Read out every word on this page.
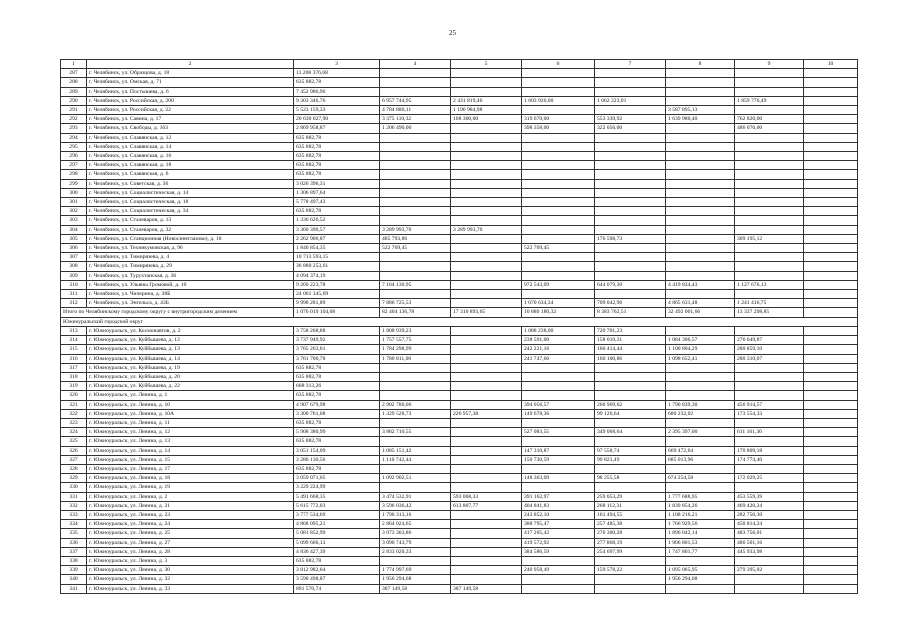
25
1	2	3	4	5	6	7	8	9	10
287	г. Челябинск, ул. Образцова, д. 18	11 208 376,68							
288	г. Челябинск, ул. Омская, д. 71	635 882,78							
289	г. Челябинск, ул. Постышева, д. 6	7 452 986,96							
290	г. Челябинск, ул. Российская, д. 200	9 303 346,76	6 957 744,95	2 431 819,46	1 603 926,00	1 062 223,01		1 859 776,49	
291	г. Челябинск, ул. Российская, д. 22	5 523 159,33	4 784 880,11	1 196 984,98			3 587 895,13		
292	г. Челябинск, ул. Савина, д. 17	20 630 027,90	3 375 110,32	108 300,00	319 670,00	553 339,92	1 639 980,40	762 820,00	
293	г. Челябинск, ул. Свободы, д. 163	2 869 958,87	1 206 490,00		398 358,00	322 056,00		486 076,00	
294	г. Челябинск, ул. Славянская, д. 12	635 882,78							
295	г. Челябинск, ул. Славянская, д. 14	635 882,78							
296	г. Челябинск, ул. Славянская, д. 16	635 882,78							
297	г. Челябинск, ул. Славянская, д. 18	635 882,78							
298	г. Челябинск, ул. Славянская, д. 6	635 882,78							
299	г. Челябинск, ул. Советская, д. 36	3 026 396,31							
300	г. Челябинск, ул. Социалистическая, д. 14	1 306 897,64							
301	г. Челябинск, ул. Социалистическая, д. 18	5 778 497,43							
302	г. Челябинск, ул. Социалистическая, д. 34	635 882,78							
303	г. Челябинск, ул. Сталеваров, д. 13	1 336 626,52							
304	г. Челябинск, ул. Сталеваров, д. 32	3 360 390,57	3 289 993,70	3 289 993,70					
305	г. Челябинск, ул. Станционная (Новосинеглазово), д. 18	2 262 906,87	485 793,86			176 598,73		309 195,12	
306	г. Челябинск, ул. Техникумовская, д. 96	1 840 854,35	522 769,45		522 769,45				
307	г. Челябинск, ул. Тимирязева, д. 4	10 713 593,15							
308	г. Челябинск, ул. Тимирязева, д. 29	36 880 253,61							
309	г. Челябинск, ул. Турухтанская, д. 36	4 094 374,19							
310	г. Челябинск, ул. Ульяны Громовой, д. 10	9 260 223,78	7 164 130,95		972 543,09	644 079,30	4 419 834,43	1 127 676,13	
311	г. Челябинск, ул. Чичерина, д. 38Б	24 061 345,69							
312	г. Челябинск, ул. Энгельса, д. 43Б	9 998 281,89	7 886 725,53		1 070 634,34	709 042,96	4 865 631,48	1 241 416,75	
Итого по Челябинскому городскому округу с внутригородским делением		1 076 019 104,08	82 404 136,78	17 310 893,65	10 880 180,32	8 383 762,51	32 492 001,66	13 337 298,85	
Южноуральский городской округ									
313	г. Южноуральск, ул. Космонавтов, д. 2	3 758 268,88	1 808 939,23		1 088 238,00	720 701,23			
314	г. Южноуральск, ул. Куйбышева, д. 12	3 737 949,92	1 757 557,75		238 591,00	158 010,31	1 084 306,57	276 649,87	
315	г. Южноуральск, ул. Куйбышева, д. 13	3 765 263,61	1 784 298,99		242 221,16	160 414,44	1 100 804,29	280 859,10	
316	г. Южноуральск, ул. Куйбышева, д. 14	3 761 700,78	1 780 811,00		241 747,66	160 100,86	1 098 652,41	280 310,07	
317	г. Южноуральск, ул. Куйбышева, д. 19	635 882,78							
318	г. Южноуральск, ул. Куйбышева, д. 20	635 882,78							
319	г. Южноуральск, ул. Куйбышева, д. 22	668 313,26							
320	г. Южноуральск, ул. Ленина, д. 1	635 882,78							
321	г. Южноуральск, ул. Ленина, д. 10	4 907 679,98	2 902 780,06		394 056,57	260 969,62	1 790 839,30	456 914,57	
322	г. Южноуральск, ул. Ленина, д. 10А	3 300 761,08	1 329 528,73	226 957,38	149 678,36	99 126,64	680 232,02	173 554,33	
323	г. Южноуральск, ул. Ленина, д. 11	635 882,78							
324	г. Южноуральск, ул. Ленина, д. 12	5 908 380,99	3 882 710,55		527 083,55	349 068,64	2 395 397,00	611 161,36	
325	г. Южноуральск, ул. Ленина, д. 13	635 882,78							
326	г. Южноуральск, ул. Ленина, д. 14	3 051 154,09	1 085 151,42		147 310,87	97 558,74	669 472,64	170 809,18	
327	г. Южноуральск, ул. Ленина, д. 15	3 286 130,56	1 110 742,44		150 730,59	99 823,49	685 013,96	174 774,40	
328	г. Южноуральск, ул. Ленина, д. 17	635 882,78							
329	г. Южноуральск, ул. Ленина, д. 18	3 059 071,05	1 092 902,51		148 363,09	98 255,58	674 254,58	172 029,25	
330	г. Южноуральск, ул. Ленина, д. 19	3 229 224,99							
331	г. Южноуральск, ул. Ленина, д. 2	5 491 668,35	3 474 532,91	593 068,33	391 162,97	259 053,29	1 777 688,95	453 559,39	
332	г. Южноуральск, ул. Ленина, д. 21	5 615 772,03	3 596 036,42	613 807,77	404 841,83	268 112,31	1 839 854,26	469 420,24	
333	г. Южноуральск, ул. Ленина, д. 23	3 777 534,69	1 796 313,16		243 852,10	161 494,55	1 108 216,21	282 750,30	
334	г. Южноуральск, ул. Ленина, д. 24	4 868 095,21	2 864 024,65		388 795,47	257 485,38	1 766 929,56	450 814,24	
335	г. Южноуральск, ул. Ленина, д. 25	5 081 852,99	3 073 303,86		417 205,42	276 300,28	1 896 042,14	483 756,01	
336	г. Южноуральск, ул. Ленина, д. 27	5 099 666,13	3 090 743,79		419 572,92	277 868,19	1 906 801,53	486 501,16	
337	г. Южноуральск, ул. Ленина, д. 28	4 836 427,39	2 833 020,33		384 586,59	254 697,99	1 747 801,77	445 933,98	
338	г. Южноуральск, ул. Ленина, д. 3	635 882,78							
339	г. Южноуральск, ул. Ленина, д. 30	3 812 982,64	1 774 997,69		240 958,49	159 578,22	1 095 065,95	279 395,02	
340	г. Южноуральск, ул. Ленина, д. 32	3 590 498,87	1 956 294,68				1 956 294,68		
341	г. Южноуральск, ул. Ленина, д. 33	891 570,74	387 149,58	387 149,58					
